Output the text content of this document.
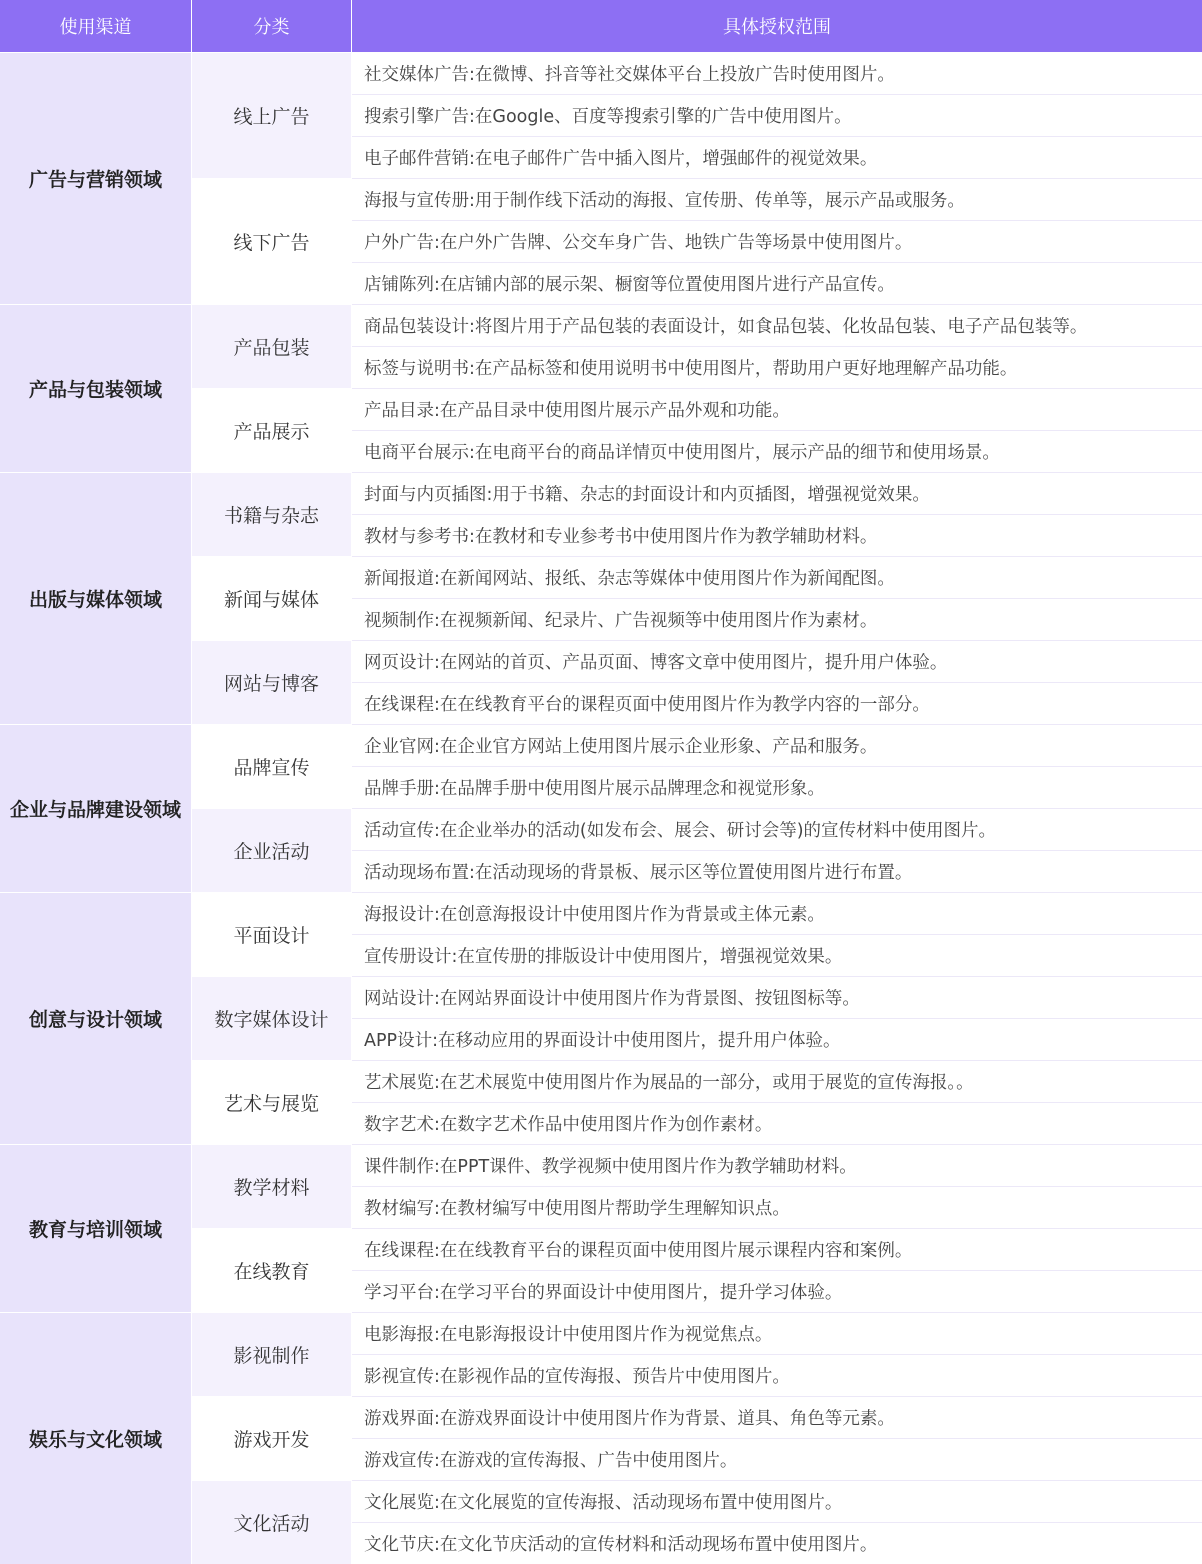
使用渠道	分类	具体授权范围
社交媒体广告:在微博、抖音等社交媒体平台上投放广告时使用图片。
搜索引擎广告:在Google、百度等搜索引擎的广告中使用图片。
电子邮件营销:在电子邮件广告中插入图片，增强邮件的视觉效果。
线上广告
海报与宣传册:用于制作线下活动的海报、宣传册、传单等，展示产品或服务。
户外广告:在户外广告牌、公交车身广告、地铁广告等场景中使用图片。
店铺陈列:在店铺内部的展示架、橱窗等位置使用图片进行产品宣传。
线下广告
广告与营销领域
商品包装设计:将图片用于产品包装的表面设计，如食品包装、化妆品包装、电子产品包装等。
标签与说明书:在产品标签和使用说明书中使用图片，帮助用户更好地理解产品功能。
产品包装
产品目录:在产品目录中使用图片展示产品外观和功能。
电商平台展示:在电商平台的商品详情页中使用图片，展示产品的细节和使用场景。
产品展示
产品与包装领域
封面与内页插图:用于书籍、杂志的封面设计和内页插图，增强视觉效果。
教材与参考书:在教材和专业参考书中使用图片作为教学辅助材料。
书籍与杂志
新闻报道:在新闻网站、报纸、杂志等媒体中使用图片作为新闻配图。
视频制作:在视频新闻、纪录片、广告视频等中使用图片作为素材。
新闻与媒体
网页设计:在网站的首页、产品页面、博客文章中使用图片，提升用户体验。
在线课程:在在线教育平台的课程页面中使用图片作为教学内容的一部分。
网站与博客
出版与媒体领域
企业官网:在企业官方网站上使用图片展示企业形象、产品和服务。
品牌手册:在品牌手册中使用图片展示品牌理念和视觉形象。
品牌宣传
活动宣传:在企业举办的活动(如发布会、展会、研讨会等)的宣传材料中使用图片。
活动现场布置:在活动现场的背景板、展示区等位置使用图片进行布置。
企业活动
企业与品牌建设领域
海报设计:在创意海报设计中使用图片作为背景或主体元素。
宣传册设计:在宣传册的排版设计中使用图片，增强视觉效果。
平面设计
网站设计:在网站界面设计中使用图片作为背景图、按钮图标等。
APP设计:在移动应用的界面设计中使用图片，提升用户体验。
数字媒体设计
艺术展览:在艺术展览中使用图片作为展品的一部分，或用于展览的宣传海报。。
数字艺术:在数字艺术作品中使用图片作为创作素材。
艺术与展览
创意与设计领域
课件制作:在PPT课件、教学视频中使用图片作为教学辅助材料。
教材编写:在教材编写中使用图片帮助学生理解知识点。
教学材料
在线课程:在在线教育平台的课程页面中使用图片展示课程内容和案例。
学习平台:在学习平台的界面设计中使用图片，提升学习体验。
在线教育
教育与培训领域
电影海报:在电影海报设计中使用图片作为视觉焦点。
影视宣传:在影视作品的宣传海报、预告片中使用图片。
影视制作
游戏界面:在游戏界面设计中使用图片作为背景、道具、角色等元素。
游戏宣传:在游戏的宣传海报、广告中使用图片。
游戏开发
文化展览:在文化展览的宣传海报、活动现场布置中使用图片。
文化节庆:在文化节庆活动的宣传材料和活动现场布置中使用图片。
文化活动
娱乐与文化领域
